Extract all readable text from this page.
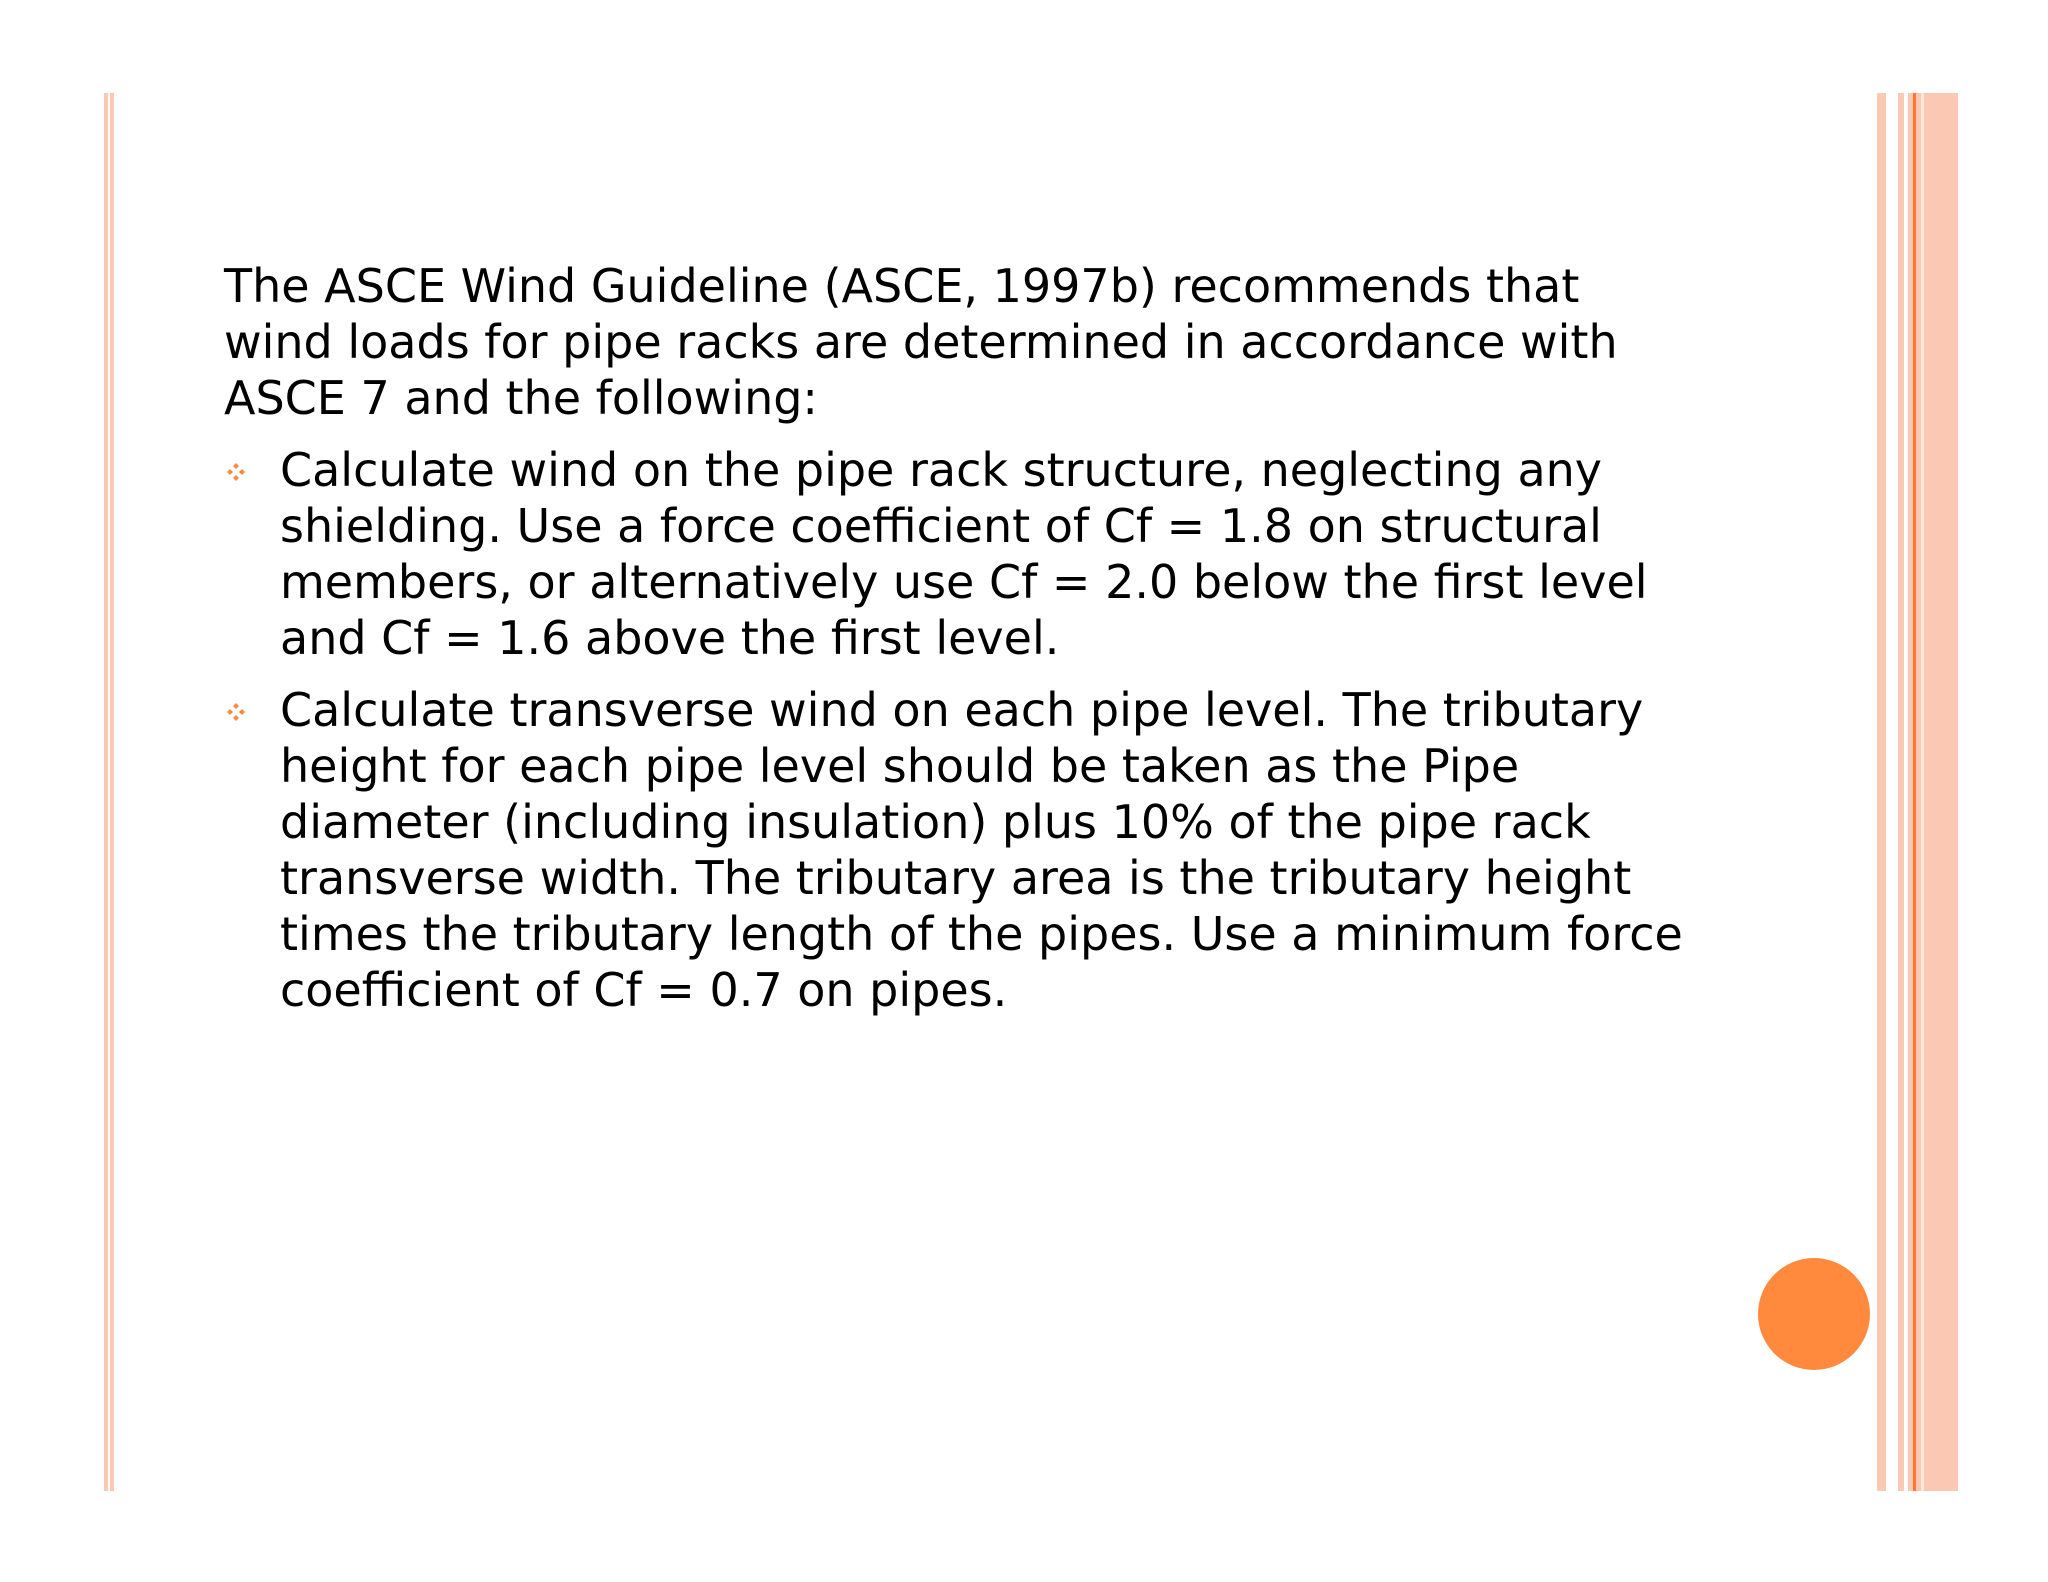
The ASCE Wind Guideline (ASCE, 1997b) recommends that wind loads for pipe racks are determined in accordance with ASCE 7 and the following:

Calculate wind on the pipe rack structure, neglecting any shielding. Use a force coefficient of Cf = 1.8 on structural members, or alternatively use Cf = 2.0 below the first level and Cf = 1.6 above the first level.
Calculate transverse wind on each pipe level. The tributary height for each pipe level should be taken as the Pipe diameter (including insulation) plus 10% of the pipe rack transverse width. The tributary area is the tributary height times the tributary length of the pipes. Use a minimum force coefficient of Cf = 0.7 on pipes.
